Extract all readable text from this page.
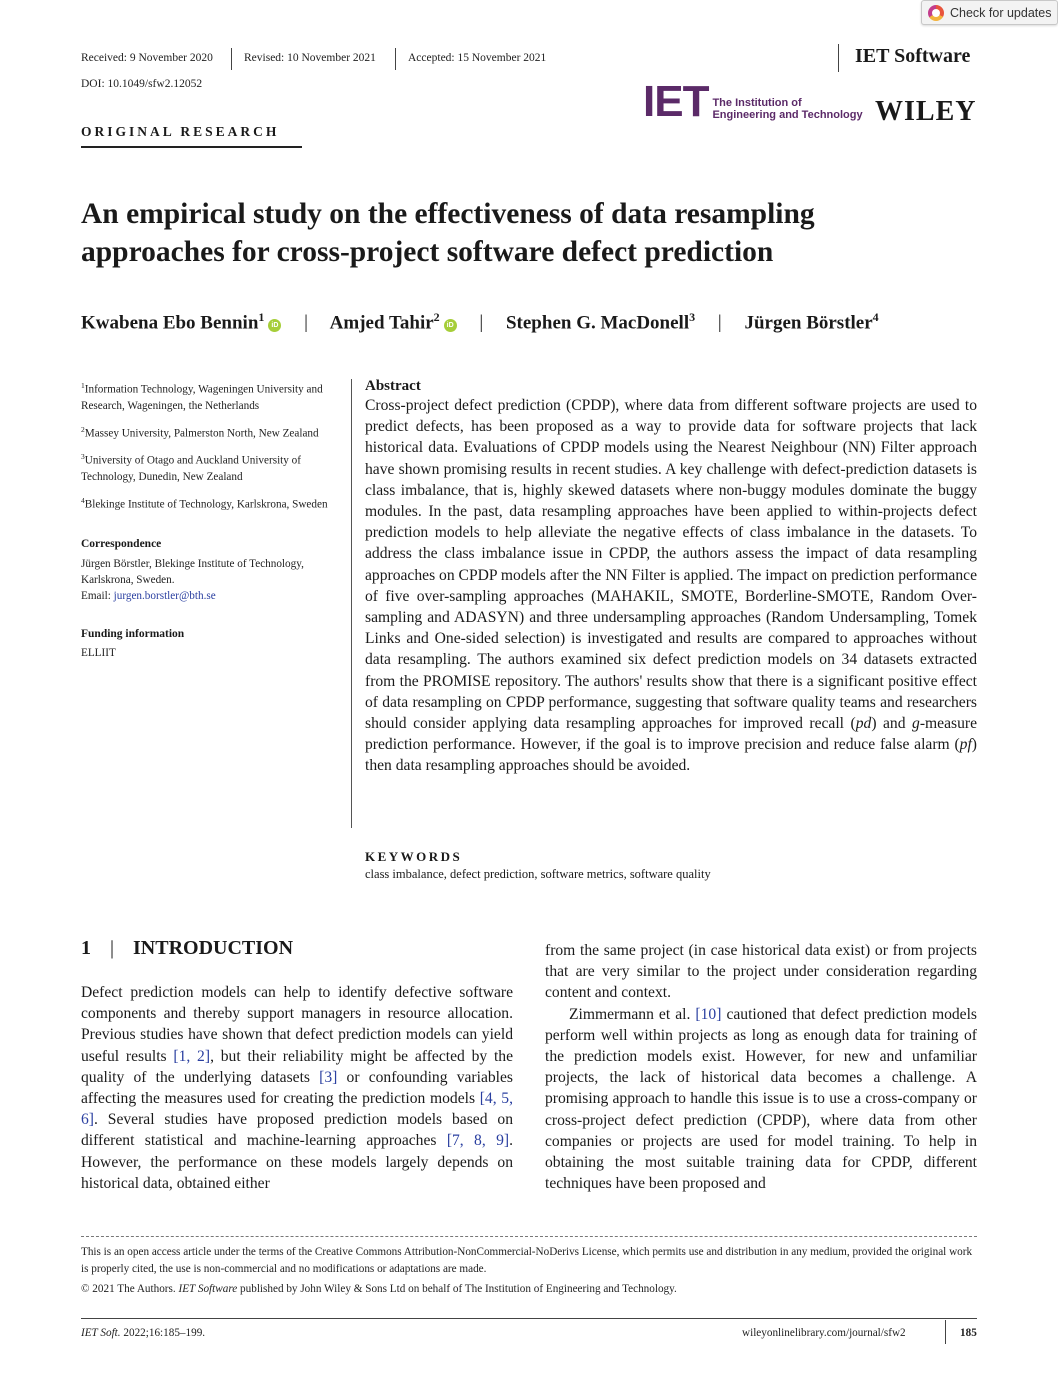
Check for updates
Received: 9 November 2020	Revised: 10 November 2021	Accepted: 15 November 2021	IET Software
DOI: 10.1049/sfw2.12052	IET The Institution of
Engineering and Technology WILEY
ORIGINAL RESEARCH
An empirical study on the effectiveness of data resampling approaches for cross-project software defect prediction
Kwabena Ebo Bennin$^1$iD | Amjed Tahir$^2$iD | Stephen G. MacDonell$^3$ | Jürgen Börstler$^4$
$^1$Information Technology, Wageningen University and Research, Wageningen, the Netherlands
$^2$Massey University, Palmerston North, New Zealand
$^3$University of Otago and Auckland University of Technology, Dunedin, New Zealand
$^4$Blekinge Institute of Technology, Karlskrona, Sweden
Correspondence
Jürgen Börstler, Blekinge Institute of Technology, Karlskrona, Sweden.
Email: jurgen.borstler@bth.se
Funding information
ELLIIT
Abstract
Cross-project defect prediction (CPDP), where data from different software projects are used to predict defects, has been proposed as a way to provide data for software projects that lack historical data. Evaluations of CPDP models using the Nearest Neighbour (NN) Filter approach have shown promising results in recent studies. A key challenge with defect-prediction datasets is class imbalance, that is, highly skewed datasets where non-buggy modules dominate the buggy modules. In the past, data resampling approaches have been applied to within-projects defect prediction models to help alleviate the negative effects of class imbalance in the datasets. To address the class imbalance issue in CPDP, the authors assess the impact of data resampling approaches on CPDP models after the NN Filter is applied. The impact on prediction performance of five over-sampling approaches (MAHAKIL, SMOTE, Borderline-SMOTE, Random Over-sampling and ADASYN) and three undersampling approaches (Random Undersampling, Tomek Links and One-sided selection) is investigated and results are compared to approaches without data resampling. The authors examined six defect prediction models on 34 datasets extracted from the PROMISE repository. The authors' results show that there is a significant positive effect of data resampling on CPDP performance, suggesting that software quality teams and researchers should consider applying data resampling approaches for improved recall (pd) and g-measure prediction performance. However, if the goal is to improve precision and reduce false alarm (pf) then data resampling approaches should be avoided.
KEYWORDS
class imbalance, defect prediction, software metrics, software quality
1 | INTRODUCTION
Defect prediction models can help to identify defective software components and thereby support managers in resource allocation. Previous studies have shown that defect prediction models can yield useful results [1, 2], but their reliability might be affected by the quality of the underlying datasets [3] or confounding variables affecting the measures used for creating the prediction models [4, 5, 6]. Several studies have proposed prediction models based on different statistical and machine-learning approaches [7, 8, 9]. However, the performance on these models largely depends on historical data, obtained either
from the same project (in case historical data exist) or from projects that are very similar to the project under consideration regarding content and context.
Zimmermann et al. [10] cautioned that defect prediction models perform well within projects as long as enough data for training of the prediction models exist. However, for new and unfamiliar projects, the lack of historical data becomes a challenge. A promising approach to handle this issue is to use a cross-company or cross-project defect prediction (CPDP), where data from other companies or projects are used for model training. To help in obtaining the most suitable training data for CPDP, different techniques have been proposed and
This is an open access article under the terms of the Creative Commons Attribution-NonCommercial-NoDerivs License, which permits use and distribution in any medium, provided the original work is properly cited, the use is non-commercial and no modifications or adaptations are made.
© 2021 The Authors. IET Software published by John Wiley & Sons Ltd on behalf of The Institution of Engineering and Technology.
IET Soft. 2022;16:185–199.	wileyonlinelibrary.com/journal/sfw2	185
